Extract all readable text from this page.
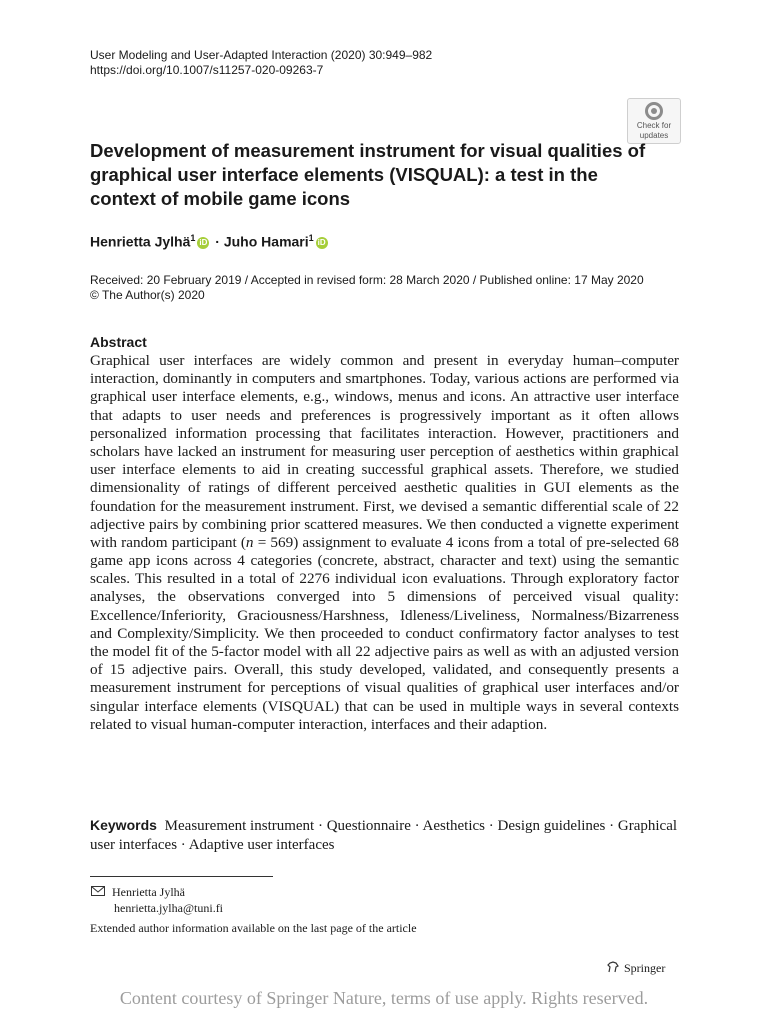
User Modeling and User-Adapted Interaction (2020) 30:949–982
https://doi.org/10.1007/s11257-020-09263-7
Check for
updates
Development of measurement instrument for visual qualities of graphical user interface elements (VISQUAL): a test in the context of mobile game icons
Henrietta Jylhä$^1$ iD · Juho Hamari$^1$ iD
Received: 20 February 2019 / Accepted in revised form: 28 March 2020 / Published online: 17 May 2020
© The Author(s) 2020
Abstract

Graphical user interfaces are widely common and present in everyday human–computer interaction, dominantly in computers and smartphones. Today, various actions are performed via graphical user interface elements, e.g., windows, menus and icons. An attractive user interface that adapts to user needs and preferences is progressively important as it often allows personalized information processing that facilitates interaction. However, practitioners and scholars have lacked an instrument for measuring user perception of aesthetics within graphical user interface elements to aid in creating successful graphical assets. Therefore, we studied dimensionality of ratings of different perceived aesthetic qualities in GUI elements as the foundation for the measurement instrument. First, we devised a semantic differential scale of 22 adjective pairs by combining prior scattered measures. We then conducted a vignette experiment with random participant (n = 569) assignment to evaluate 4 icons from a total of pre-selected 68 game app icons across 4 categories (concrete, abstract, character and text) using the semantic scales. This resulted in a total of 2276 individual icon evaluations. Through exploratory factor analyses, the observations converged into 5 dimensions of perceived visual quality: Excellence/Inferiority, Graciousness/Harshness, Idleness/Liveliness, Normalness/Bizarreness and Complexity/Simplicity. We then proceeded to conduct confirmatory factor analyses to test the model fit of the 5-factor model with all 22 adjective pairs as well as with an adjusted version of 15 adjective pairs. Overall, this study developed, validated, and consequently presents a measurement instrument for perceptions of visual qualities of graphical user interfaces and/or singular interface elements (VISQUAL) that can be used in multiple ways in several contexts related to visual human-computer interaction, interfaces and their adaption.

Keywords Measurement instrument · Questionnaire · Aesthetics · Design guidelines · Graphical user interfaces · Adaptive user interfaces
Henrietta Jylhä
henrietta.jylha@tuni.fi
Extended author information available on the last page of the article
Springer
Content courtesy of Springer Nature, terms of use apply. Rights reserved.
